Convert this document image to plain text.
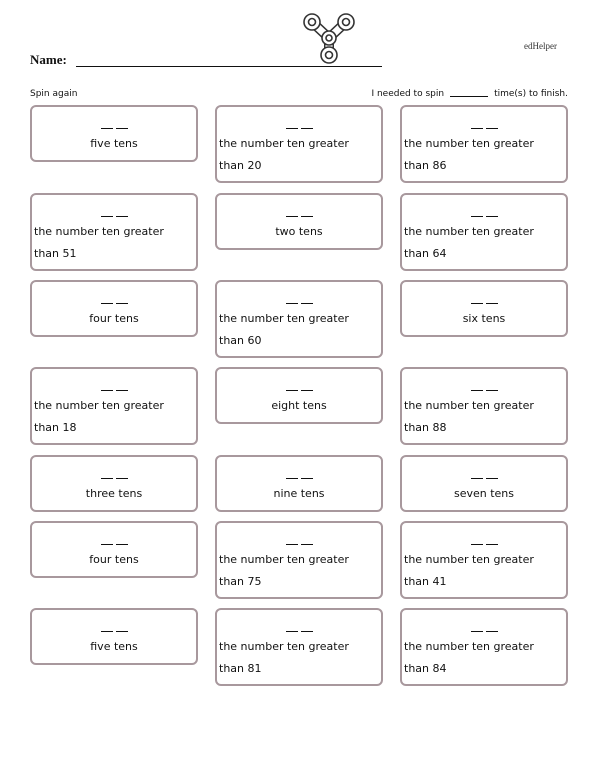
edHelper
Name:
Spin again	I needed to spin	time(s) to finish.
five tens	the number ten greater
than 20
the number ten greater
than 86
the number ten greater
than 51
two tens	the number ten greater
than 64
four tens	the number ten greater
than 60
six tens
the number ten greater
than 18
eight tens	the number ten greater
than 88
three tens	nine tens	seven tens
four tens	the number ten greater
than 75
the number ten greater
than 41
five tens	the number ten greater
than 81
the number ten greater
than 84
